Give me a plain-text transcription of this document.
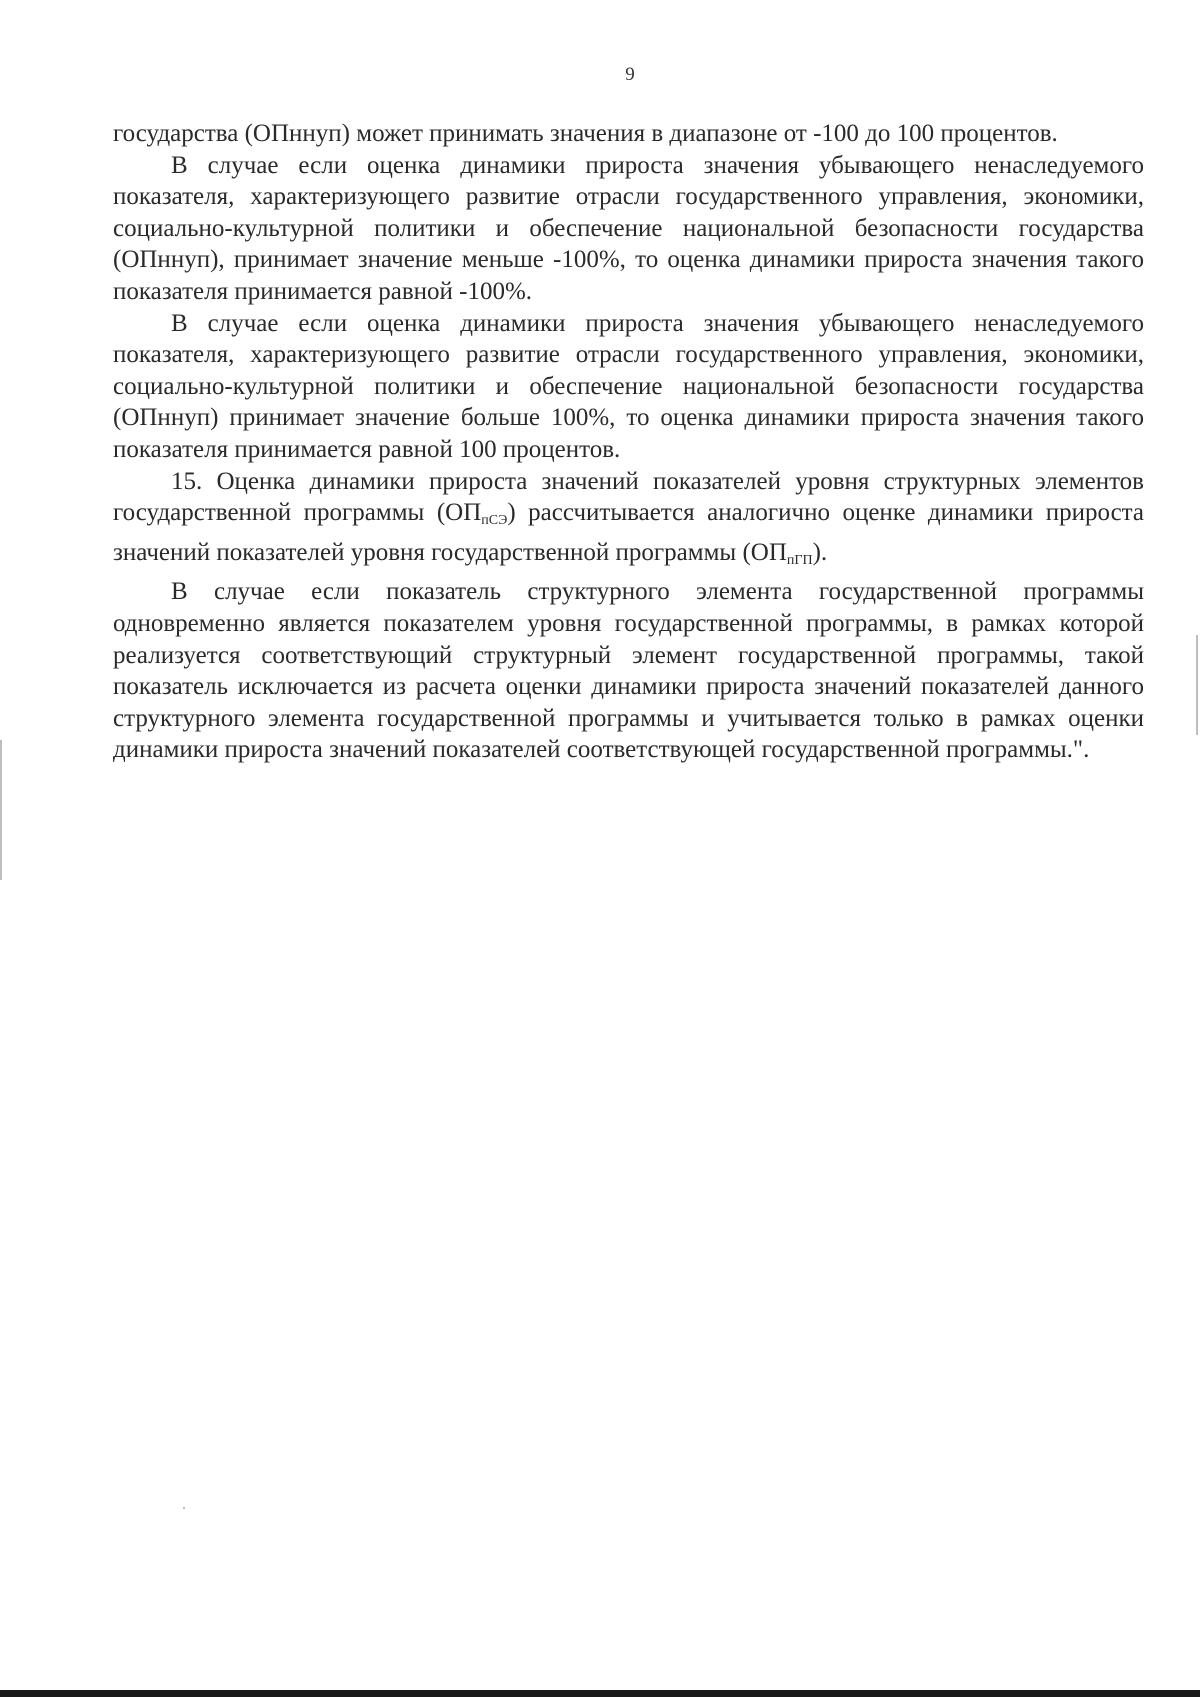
9

государства (ОПннуп) может принимать значения в диапазоне от -100 до 100 процентов.

В случае если оценка динамики прироста значения убывающего ненаследуемого показателя, характеризующего развитие отрасли государственного управления, экономики, социально-культурной политики и обеспечение национальной безопасности государства (ОПннуп), принимает значение меньше -100%, то оценка динамики прироста значения такого показателя принимается равной -100%.

В случае если оценка динамики прироста значения убывающего ненаследуемого показателя, характеризующего развитие отрасли государственного управления, экономики, социально-культурной политики и обеспечение национальной безопасности государства (ОПннуп) принимает значение больше 100%, то оценка динамики прироста значения такого показателя принимается равной 100 процентов.

15. Оценка динамики прироста значений показателей уровня структурных элементов государственной программы $(ОП_{пСЭ})$ рассчитывается аналогично оценке динамики прироста значений показателей уровня государственной программы $(ОП_{пГП})$.

В случае если показатель структурного элемента государственной программы одновременно является показателем уровня государственной программы, в рамках которой реализуется соответствующий структурный элемент государственной программы, такой показатель исключается из расчета оценки динамики прироста значений показателей данного структурного элемента государственной программы и учитывается только в рамках оценки динамики прироста значений показателей соответствующей государственной программы.".
